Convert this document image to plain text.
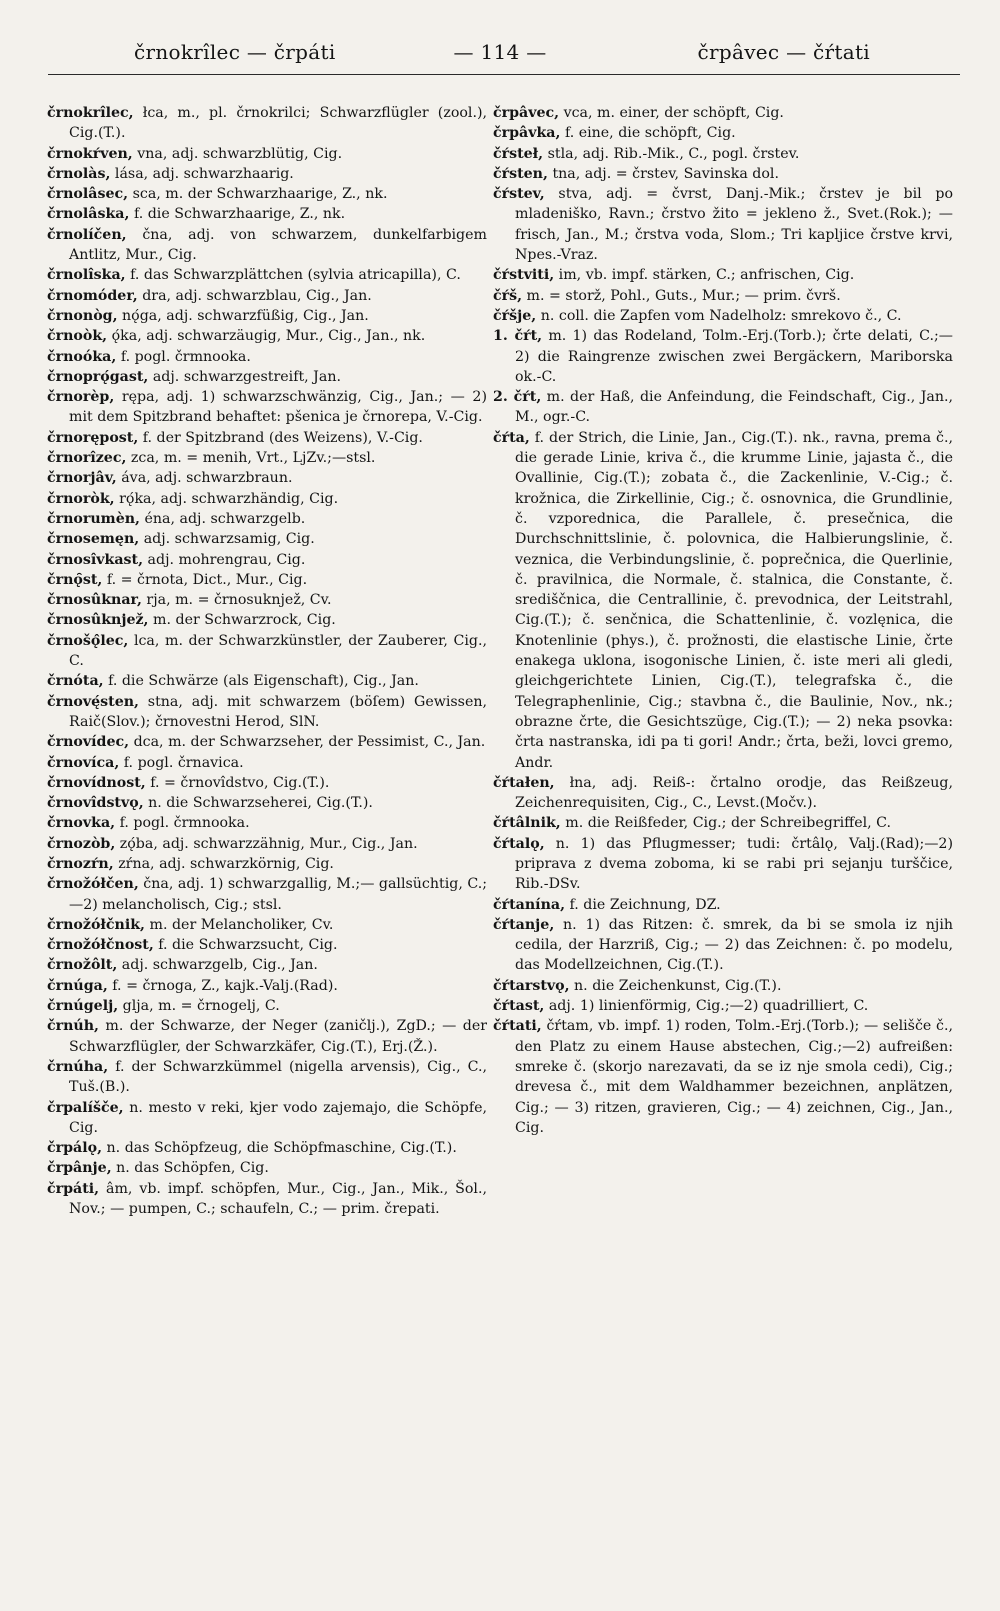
črnokrîlec — črpáti	— 114 —	črpâvec — čŕtati

črnokrîlec, łca, m., pl. črnokrilci; Schwarzflügler (zool.), Cig.(T.).

črnokŕven, vna, adj. schwarzblütig, Cig.

črnolàs, lása, adj. schwarzhaarig.

črnolâsec, sca, m. der Schwarzhaarige, Z., nk.

črnolâska, f. die Schwarzhaarige, Z., nk.

črnolíčen, čna, adj. von schwarzem, dunkelfarbigem Antlitz, Mur., Cig.

črnolîska, f. das Schwarzplättchen (sylvia atricapilla), C.

črnomóder, dra, adj. schwarzblau, Cig., Jan.

črnonòg, nǫ́ga, adj. schwarzfüßig, Cig., Jan.

črnoòk, ǫ́ka, adj. schwarzäugig, Mur., Cig., Jan., nk.

črnoóka, f. pogl. črmnooka.

črnoprǫ́gast, adj. schwarzgestreift, Jan.

črnorèp, rępa, adj. 1) schwarzschwänzig, Cig., Jan.; — 2) mit dem Spitzbrand behaftet: pšenica je črnorepa, V.-Cig.

črnorępost, f. der Spitzbrand (des Weizens), V.-Cig.

črnorîzec, zca, m. = menih, Vrt., LjZv.;—stsl.

črnorjâv, áva, adj. schwarzbraun.

črnoròk, rǫ́ka, adj. schwarzhändig, Cig.

črnorumèn, éna, adj. schwarzgelb.

črnosemęn, adj. schwarzsamig, Cig.

črnosîvkast, adj. mohrengrau, Cig.

črnǫ̑st, f. = črnota, Dict., Mur., Cig.

črnosûknar, rja, m. = črnosuknjež, Cv.

črnosûknjež, m. der Schwarzrock, Cig.

črnošǫ̂lec, lca, m. der Schwarzkünstler, der Zauberer, Cig., C.

črnóta, f. die Schwärze (als Eigenschaft), Cig., Jan.

črnovę́sten, stna, adj. mit schwarzem (böſem) Gewissen, Raič(Slov.); črnovestni Herod, SlN.

črnovídec, dca, m. der Schwarzseher, der Pessimist, C., Jan.

črnovíca, f. pogl. črnavica.

črnovídnost, f. = črnovîdstvo, Cig.(T.).

črnovîdstvǫ, n. die Schwarzseherei, Cig.(T.).

črnovka, f. pogl. črmnooka.

črnozòb, zǫ́ba, adj. schwarzzähnig, Mur., Cig., Jan.

črnozŕn, zŕna, adj. schwarzkörnig, Cig.

črnožółčen, čna, adj. 1) schwarzgallig, M.;— gallsüchtig, C.;—2) melancholisch, Cig.; stsl.

črnožółčnik, m. der Melancholiker, Cv.

črnožółčnost, f. die Schwarzsucht, Cig.

črnožôlt, adj. schwarzgelb, Cig., Jan.

črnúga, f. = črnoga, Z., kajk.-Valj.(Rad).

črnúgelj, glja, m. = črnogelj, C.

črnúh, m. der Schwarze, der Neger (zaničlj.), ZgD.; — der Schwarzflügler, der Schwarzkäfer, Cig.(T.), Erj.(Ž.).

črnúha, f. der Schwarzkümmel (nigella arvensis), Cig., C., Tuš.(B.).

črpalíšče, n. mesto v reki, kjer vodo zajemajo, die Schöpfe, Cig.

črpálǫ, n. das Schöpfzeug, die Schöpfmaschine, Cig.(T.).

črpânje, n. das Schöpfen, Cig.

črpáti, âm, vb. impf. schöpfen, Mur., Cig., Jan., Mik., Šol., Nov.; — pumpen, C.; schaufeln, C.; — prim. črepati.

črpâvec, vca, m. einer, der schöpft, Cig.

črpâvka, f. eine, die schöpft, Cig.

čŕsteł, stla, adj. Rib.-Mik., C., pogl. črstev.

čŕsten, tna, adj. = črstev, Savinska dol.

čŕstev, stva, adj. = čvrst, Danj.-Mik.; črstev je bil po mladeniško, Ravn.; črstvo žito = jekleno ž., Svet.(Rok.); — frisch, Jan., M.; črstva voda, Slom.; Tri kapljice črstve krvi, Npes.-Vraz.

čŕstviti, im, vb. impf. stärken, C.; anfrischen, Cig.

čŕš, m. = storž, Pohl., Guts., Mur.; — prim. čvrš.

čŕšje, n. coll. die Zapfen vom Nadelholz: smrekovo č., C.

1. čŕt, m. 1) das Rodeland, Tolm.-Erj.(Torb.); črte delati, C.;— 2) die Raingrenze zwischen zwei Bergäckern, Mariborska ok.-C.

2. čŕt, m. der Haß, die Anfeindung, die Feindschaft, Cig., Jan., M., ogr.-C.

čŕta, f. der Strich, die Linie, Jan., Cig.(T.). nk., ravna, prema č., die gerade Linie, kriva č., die krumme Linie, jajasta č., die Ovallinie, Cig.(T.); zobata č., die Zackenlinie, V.-Cig.; č. krožnica, die Zirkellinie, Cig.; č. osnovnica, die Grundlinie, č. vzporednica, die Parallele, č. presečnica, die Durchschnittslinie, č. polovnica, die Halbierungslinie, č. veznica, die Verbindungslinie, č. poprečnica, die Querlinie, č. pravilnica, die Normale, č. stalnica, die Constante, č. središčnica, die Centrallinie, č. prevodnica, der Leitstrahl, Cig.(T.); č. senčnica, die Schattenlinie, č. vozlęnica, die Knotenlinie (phys.), č. prožnosti, die elastische Linie, črte enakega uklona, isogonische Linien, č. iste meri ali gledi, gleichgerichtete Linien, Cig.(T.), telegrafska č., die Telegraphenlinie, Cig.; stavbna č., die Baulinie, Nov., nk.; obrazne črte, die Gesichtszüge, Cig.(T.); — 2) neka psovka: črta nastranska, idi pa ti gori! Andr.; črta, beži, lovci gremo, Andr.

čŕtałen, łna, adj. Reiß-: črtalno orodje, das Reißzeug, Zeichenrequisiten, Cig., C., Levst.(Močv.).

čŕtâlnik, m. die Reißfeder, Cig.; der Schreibegriffel, C.

čŕtalǫ, n. 1) das Pflugmesser; tudi: črtâlǫ, Valj.(Rad);—2) priprava z dvema zoboma, ki se rabi pri sejanju turščice, Rib.-DSv.

čŕtanína, f. die Zeichnung, DZ.

čŕtanje, n. 1) das Ritzen: č. smrek, da bi se smola iz njih cedila, der Harzriß, Cig.; — 2) das Zeichnen: č. po modelu, das Modellzeichnen, Cig.(T.).

čŕtarstvǫ, n. die Zeichenkunst, Cig.(T.).

čŕtast, adj. 1) linienförmig, Cig.;—2) quadrilliert, C.

čŕtati, čŕtam, vb. impf. 1) roden, Tolm.-Erj.(Torb.); — selišče č., den Platz zu einem Hause abstechen, Cig.;—2) aufreißen: smreke č. (skorjo narezavati, da se iz nje smola cedi), Cig.; drevesa č., mit dem Waldhammer bezeichnen, anplätzen, Cig.; — 3) ritzen, gravieren, Cig.; — 4) zeichnen, Cig., Jan., Cig.
